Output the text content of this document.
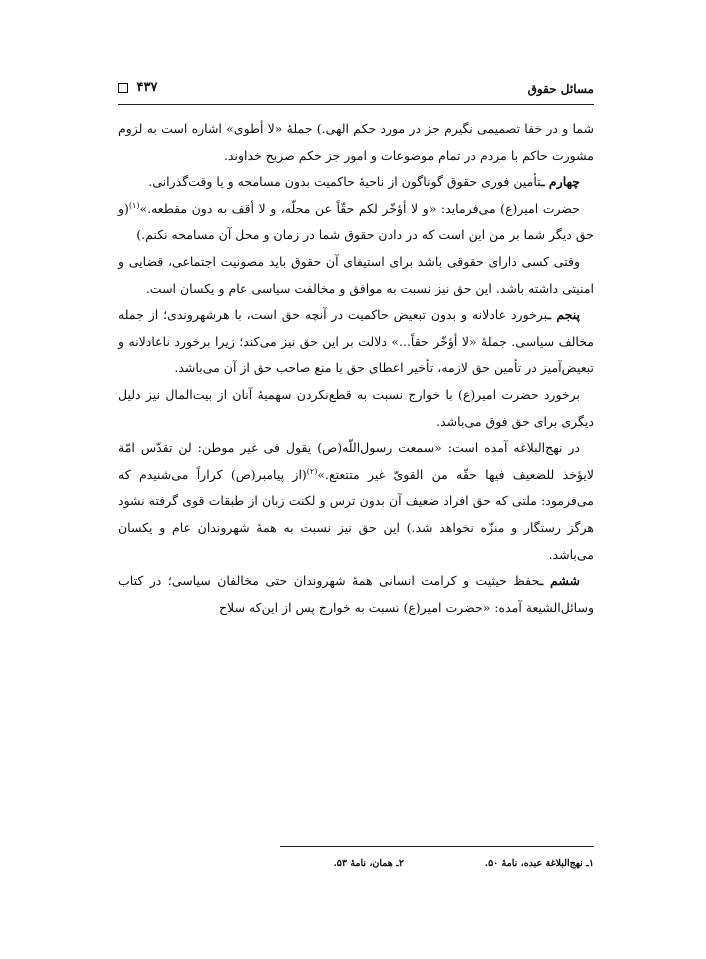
مسائل حقوق
۴۳۷

شما و در خفا تصمیمی نگیرم جز در مورد حکم الهی.) جملۀ «لا أطوی» اشاره است به لزوم مشورت حاکم با مردم در تمام موضوعات و امور جز حکم صریح خداوند.

چهارم ـتأمین فوری حقوق گوناگون از ناحیۀ حاکمیت بدون مسامحه و یا وقت‌گذرانی.

حضرت امیر(ع) می‌فرماید: «و لا أؤخّر لکم حقّاً عن محلّه، و لا أقف به دون مقطعه.»$^{(۱)}$(و حق دیگر شما بر من این است که در دادن حقوق شما در زمان و محل آن مسامحه نکنم.)

وقتی کسی دارای حقوقی باشد برای استیفای آن حقوق باید مصونیت اجتماعی، قضایی و امنیتی داشته باشد. این حق نیز نسبت به موافق و مخالفت سیاسی عام و یکسان است.

پنجم ـبرخورد عادلانه و بدون تبعیض حاکمیت در آنچه حق است، با هرشهروندی؛ از جمله مخالف سیاسی. جملۀ «لا أؤخّر حقاً...» دلالت بر این حق نیز می‌کند؛ زیرا برخورد ناعادلانه و تبعیض‌آمیز در تأمین حق لازمه، تأخیر اعطای حق یا منع صاحب حق از آن می‌باشد.

برخورد حضرت امیر(ع) با خوارج نسبت به قطع‌نکردن سهمیۀ آنان از بیت‌المال نیز دلیل دیگری برای حق فوق می‌باشد.

در نهج‌البلاغه آمده است: «سمعت رسول‌اللّه(ص) یقول فی غیر موطن: لن تقدّس امّة لایؤخذ للضعیف فیها حقّه من القویّ غیر متتعتع.»$^{(۲)}$(از پیامبر(ص) کراراً می‌شنیدم که می‌فرمود: ملتی که حق افراد ضعیف آن بدون ترس و لکنت زبان از طبقات قوی گرفته نشود هرگز رستگار و منزّه نخواهد شد.) این حق نیز نسبت به همۀ شهروندان عام و یکسان می‌باشد.

ششم ـحفظ حیثیت و کرامت انسانی همۀ شهروندان حتی مخالفان سیاسی؛ در کتاب وسائل‌الشیعة آمده: «حضرت امیر(ع) نسبت به خوارج پس از این‌که سلاح

۱ـ نهج‌البلاغة عبده، نامۀ ۵۰.
۲ـ همان، نامۀ ۵۳.
